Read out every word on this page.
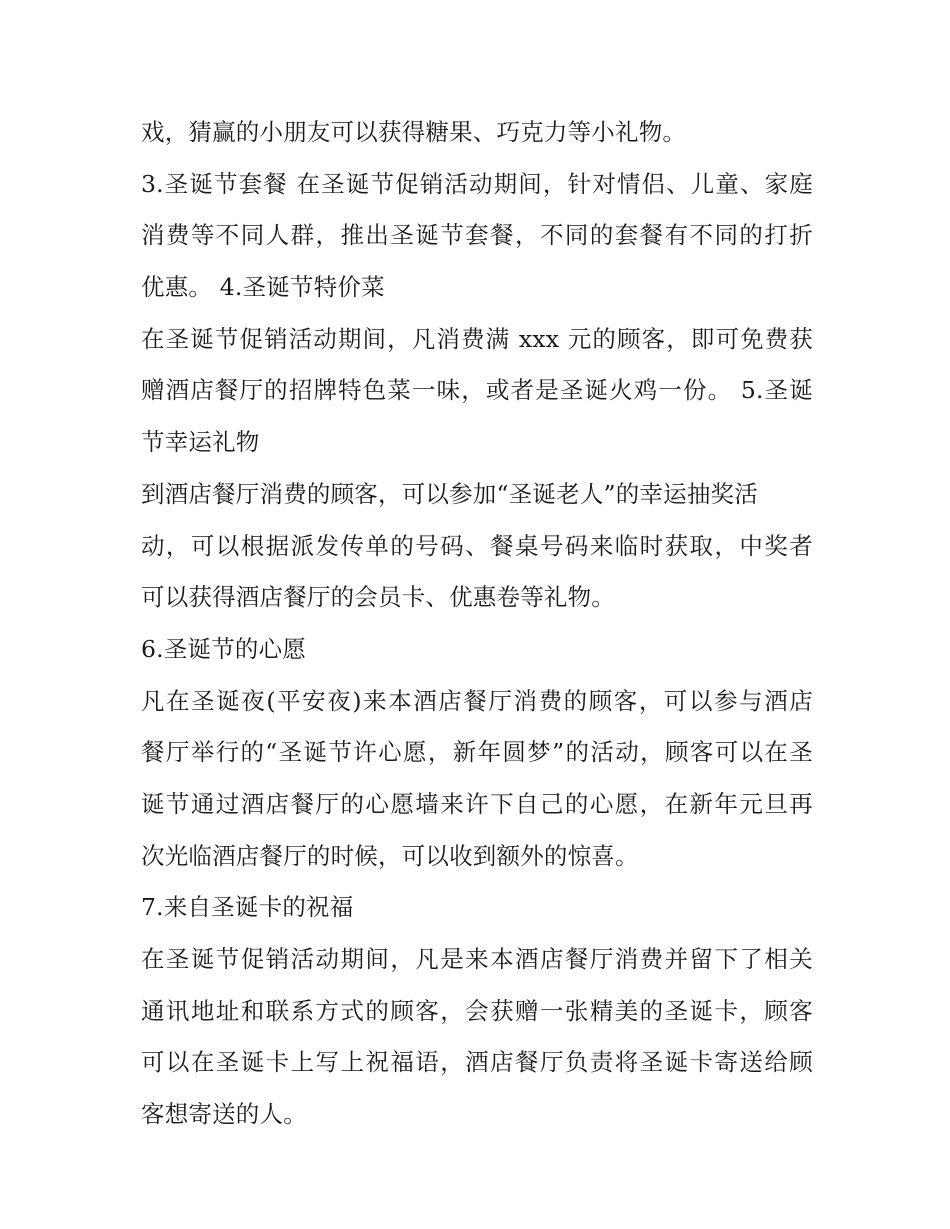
戏，猜赢的小朋友可以获得糖果、巧克力等小礼物。
3.圣诞节套餐 在圣诞节促销活动期间，针对情侣、儿童、家庭
消费等不同人群，推出圣诞节套餐，不同的套餐有不同的打折
优惠。 4.圣诞节特价菜
在圣诞节促销活动期间，凡消费满 xxx 元的顾客，即可免费获
赠酒店餐厅的招牌特色菜一味，或者是圣诞火鸡一份。 5.圣诞
节幸运礼物
到酒店餐厅消费的顾客，可以参加“圣诞老人”的幸运抽奖活
动，可以根据派发传单的号码、餐桌号码来临时获取，中奖者
可以获得酒店餐厅的会员卡、优惠卷等礼物。
6.圣诞节的心愿
凡在圣诞夜(平安夜)来本酒店餐厅消费的顾客，可以参与酒店
餐厅举行的“圣诞节许心愿，新年圆梦”的活动，顾客可以在圣
诞节通过酒店餐厅的心愿墙来许下自己的心愿，在新年元旦再
次光临酒店餐厅的时候，可以收到额外的惊喜。
7.来自圣诞卡的祝福
在圣诞节促销活动期间，凡是来本酒店餐厅消费并留下了相关
通讯地址和联系方式的顾客，会获赠一张精美的圣诞卡，顾客
可以在圣诞卡上写上祝福语，酒店餐厅负责将圣诞卡寄送给顾
客想寄送的人。
